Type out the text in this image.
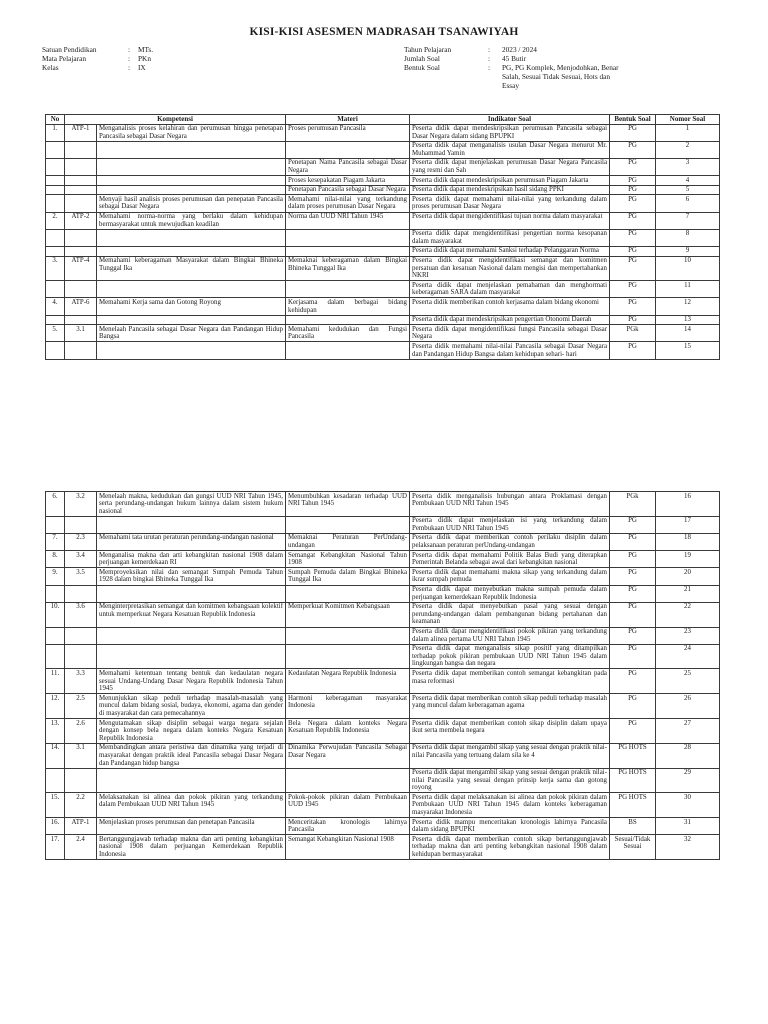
KISI-KISI ASESMEN MADRASAH TSANAWIYAH
Satuan Pendidikan	:	MTs.
Mata Pelajaran	:	PKn
Kelas	:	IX
Tahun Pelajaran	:	2023 / 2024
Jumlah Soal	:	45 Butir
Bentuk Soal	:	PG, PG Komplek, Menjodohkan, Benar Salah, Sesuai Tidak Sesuai, Hots dan Essay
No	Kompetensi		Materi	Indikator Soal	Bentuk Soal	Nomor Soal
1.	ATP-1	Menganalisis proses kelahiran dan perumusan hingga penetapan Pancasila sebagai Dasar Negara	Proses perumusan Pancasila	Peserta didik dapat mendeskripsikan perumusan Pancasila sebagai Dasar Negara dalam sidang BPUPKI	PG	1
				Peserta didik dapat menganalisis usulan Dasar Negara menurut Mr. Muhammad Yamin	PG	2
			Penetapan Nama Pancasila sebagai Dasar Negara	Peserta didik dapat menjelaskan perumusan Dasar Negara Pancasila yang resmi dan Sah	PG	3
			Proses kesepakatan Piagam Jakarta	Peserta didik dapat mendeskripsikan perumusan Piagam Jakarta	PG	4
			Penetapan Pancasila sebagai Dasar Negara	Peserta didik dapat mendeskripsikan hasil sidang PPKI	PG	5
		Menyaji hasil analisis proses perumusan dan penepatan Pancasila sebagai Dasar Negara	Memahami nilai-nilai yang terkandung dalam proses perumusan Dasar Negara	Peserta didik dapat memahami nilai-nilai yang terkandung dalam proses perumusan Dasar Negara	PG	6
2.	ATP-2	Memahami norma-norma yang berlaku dalam kehidupan bermasyarakat untuk mewujudkan keadilan	Norma dan UUD NRI Tahun 1945	Peserta didik dapat mengidentifikasi tujuan norma dalam masyarakat	PG	7
				Peserta didik dapat mengidentifikasi pengertian norma kesopanan dalam masyarakat	PG	8
				Peserta didik dapat memahami Sanksi terhadap Pelanggaran Norma	PG	9
3.	ATP-4	Memahami keberagaman Masyarakat dalam Bingkai Bhineka Tunggal Ika	Memaknai keberagaman dalam Bingkai Bhineka Tunggal Ika	Peserta didik dapat mengidentifikasi semangat dan komitmen persatuan dan kesatuan Nasional dalam mengisi dan mempertahankan NKRI	PG	10
				Peserta didik dapat menjelaskan pemahaman dan menghormati keberagaman SARA dalam masyarakat	PG	11
4.	ATP-6	Memahami Kerja sama dan Gotong Royong	Kerjasama dalam berbagai bidang kehidupan	Peserta didik memberikan contoh kerjasama dalam bidang ekonomi	PG	12
				Peserta didik dapat mendeskripsikan pengertian Otonomi Daerah	PG	13
5.	3.1	Menelaah Pancasila sebagai Dasar Negara dan Pandangan Hidup Bangsa	Memahami kedudukan dan Fungsi Pancasila	Peserta didik dapat mengidentifikasi fungsi Pancasila sebagai Dasar Negara	PGk	14
				Peserta didik memahami nilai-nilai Pancasila sebagai Dasar Negara dan Pandangan Hidup Bangsa dalam kehidupan sehari- hari	PG	15
6.	3.2	Menelaah makna, kedudukan dan gungsi UUD NRI Tahun 1945, serta perundang-undangan hukum lainnya dalam sistem hukum nasional	Menumbuhkan kesadaran terhadap UUD NRI Tahun 1945	Peserta didik menganalisis hubungan antara Proklamasi dengan Pembukaan UUD NRI Tahun 1945	PGk	16
				Peserta didik dapat menjelaskan isi yang terkandung dalam Pembukaan UUD NRI Tahun 1945	PG	17
7.	2.3	Memahami tata urutan peraturan perundang-undangan nasional	Memaknai Peraturan PerUndang-undangan	Peserta didik dapat memberikan contoh perilaku disiplin dalam pelaksanaan peraturan perUndang-undangan	PG	18
8.	3.4	Menganalisa makna dan arti kebangkitan nasional 1908 dalam perjuangan kemerdekaan RI	Semangat Kebangkitan Nasional Tahun 1908	Peserta didik dapat memahami Politik Balas Budi yang diterapkan Pemerintah Belanda sebagai awal dari kebangkitan nasional	PG	19
9.	3.5	Memproyeksikan nilai dan semangat Sumpah Pemuda Tahun 1928 dalam bingkai Bhineka Tunggal Ika	Sumpah Pemuda dalam Bingkai Bhineka Tunggal Ika	Peserta didik dapat memahami makna sikap yang terkandung dalam ikrar sumpah pemuda	PG	20
				Peserta didik dapat menyebutkan makna sumpah pemuda dalam perjuangan kemerdekaan Republik Indonesia	PG	21
10.	3.6	Menginterpretasikan semangat dan komitmen kebangsaan kolektif untuk memperkuat Negara Kesatuan Republik Indonesia	Memperkuat Komitmen Kebangsaan	Peserta didik dapat menyebutkan pasal yang sesuai dengan perundang-undangan dalam pembangunan bidang pertahanan dan keamanan	PG	22
				Peserta didik dapat mengidentifikasi pokok pikiran yang terkandung dalam alinea pertama UU NRI Tahun 1945	PG	23
				Peserta didik dapat menganalisis sikap positif yang ditampilkan terhadap pokok pikiran pembukaan UUD NRI Tahun 1945 dalam lingkungan bangsa dan negara	PG	24
11.	3.3	Memahami ketentuan tentang bentuk dan kedaulatan negara sesuai Undang-Undang Dasar Negara Republik Indonesia Tahun 1945	Kedaulatan Negara Republik Indonesia	Peserta didik dapat memberikan contoh semangat kebangkitan pada masa reformasi	PG	25
12.	2.5	Menunjukkan sikap peduli terhadap masalah-masalah yang muncul dalam bidang sosial, budaya, ekonomi, agama dan gender di masyarakat dan cara pemecahannya	Harmoni keberagaman masyarakat Indonesia	Peserta didik dapat memberikan contoh sikap peduli terhadap masalah yang muncul dalam keberagaman agama	PG	26
13.	2.6	Mengutamakan sikap disiplin sebagai warga negara sejalan dengan konsep bela negara dalam konteks Negara Kesatuan Republik Indonesia	Bela Negara dalam konteks Negara Kesatuan Republik Indonesia	Peserta didik dapat memberikan contoh sikap disiplin dalam upaya ikut serta membela negara	PG	27
14.	3.1	Membandingkan antara peristiwa dan dinamika yang terjadi di masyarakat dengan praktik ideal Pancasila sebagai Dasar Negara dan Pandangan hidup bangsa	Dinamika Perwujudan Pancasila Sebagai Dasar Negara	Peserta didik dapat mengambil sikap yang sesuai dengan praktik nilai-nilai Pancasila yang tertuang dalam sila ke 4	PG HOTS	28
				Peserta didik dapat mengambil sikap yang sesuai dengan praktik nilai-nilai Pancasila yang sesuai dengan prinsip kerja sama dan gotong royong	PG HOTS	29
15.	2.2	Melaksanakan isi alinea dan pokok pikiran yang terkandung dalam Pembukaan UUD NRI Tahun 1945	Pokok-pokok pikiran dalam Pembukaan UUD 1945	Peserta didik dapat melaksanakan isi alinea dan pokok pikiran dalam Pembukaan UUD NRI Tahun 1945 dalam konteks keberagaman masyarakat Indonesia	PG HOTS	30
16.	ATP-1	Menjelaskan proses perumusan dan penetapan Pancasila	Menceritakan kronologis lahirnya Pancasila	Peserta didik mampu menceritakan kronologis lahirnya Pancasila dalam sidang BPUPKI	BS	31
17.	2.4	Bertanggungjawab terhadap makna dan arti penting kebangkitan nasional 1908 dalam perjuangan Kemerdekaan Republik Indonesia	Semangat Kebangkitan Nasional 1908	Peserta didik dapat memberikan contoh sikap bertanggungjawab terhadap makna dan arti penting kebangkitan nasional 1908 dalam kehidupan bermasyarakat	Sesuai/Tidak Sesuai	32
